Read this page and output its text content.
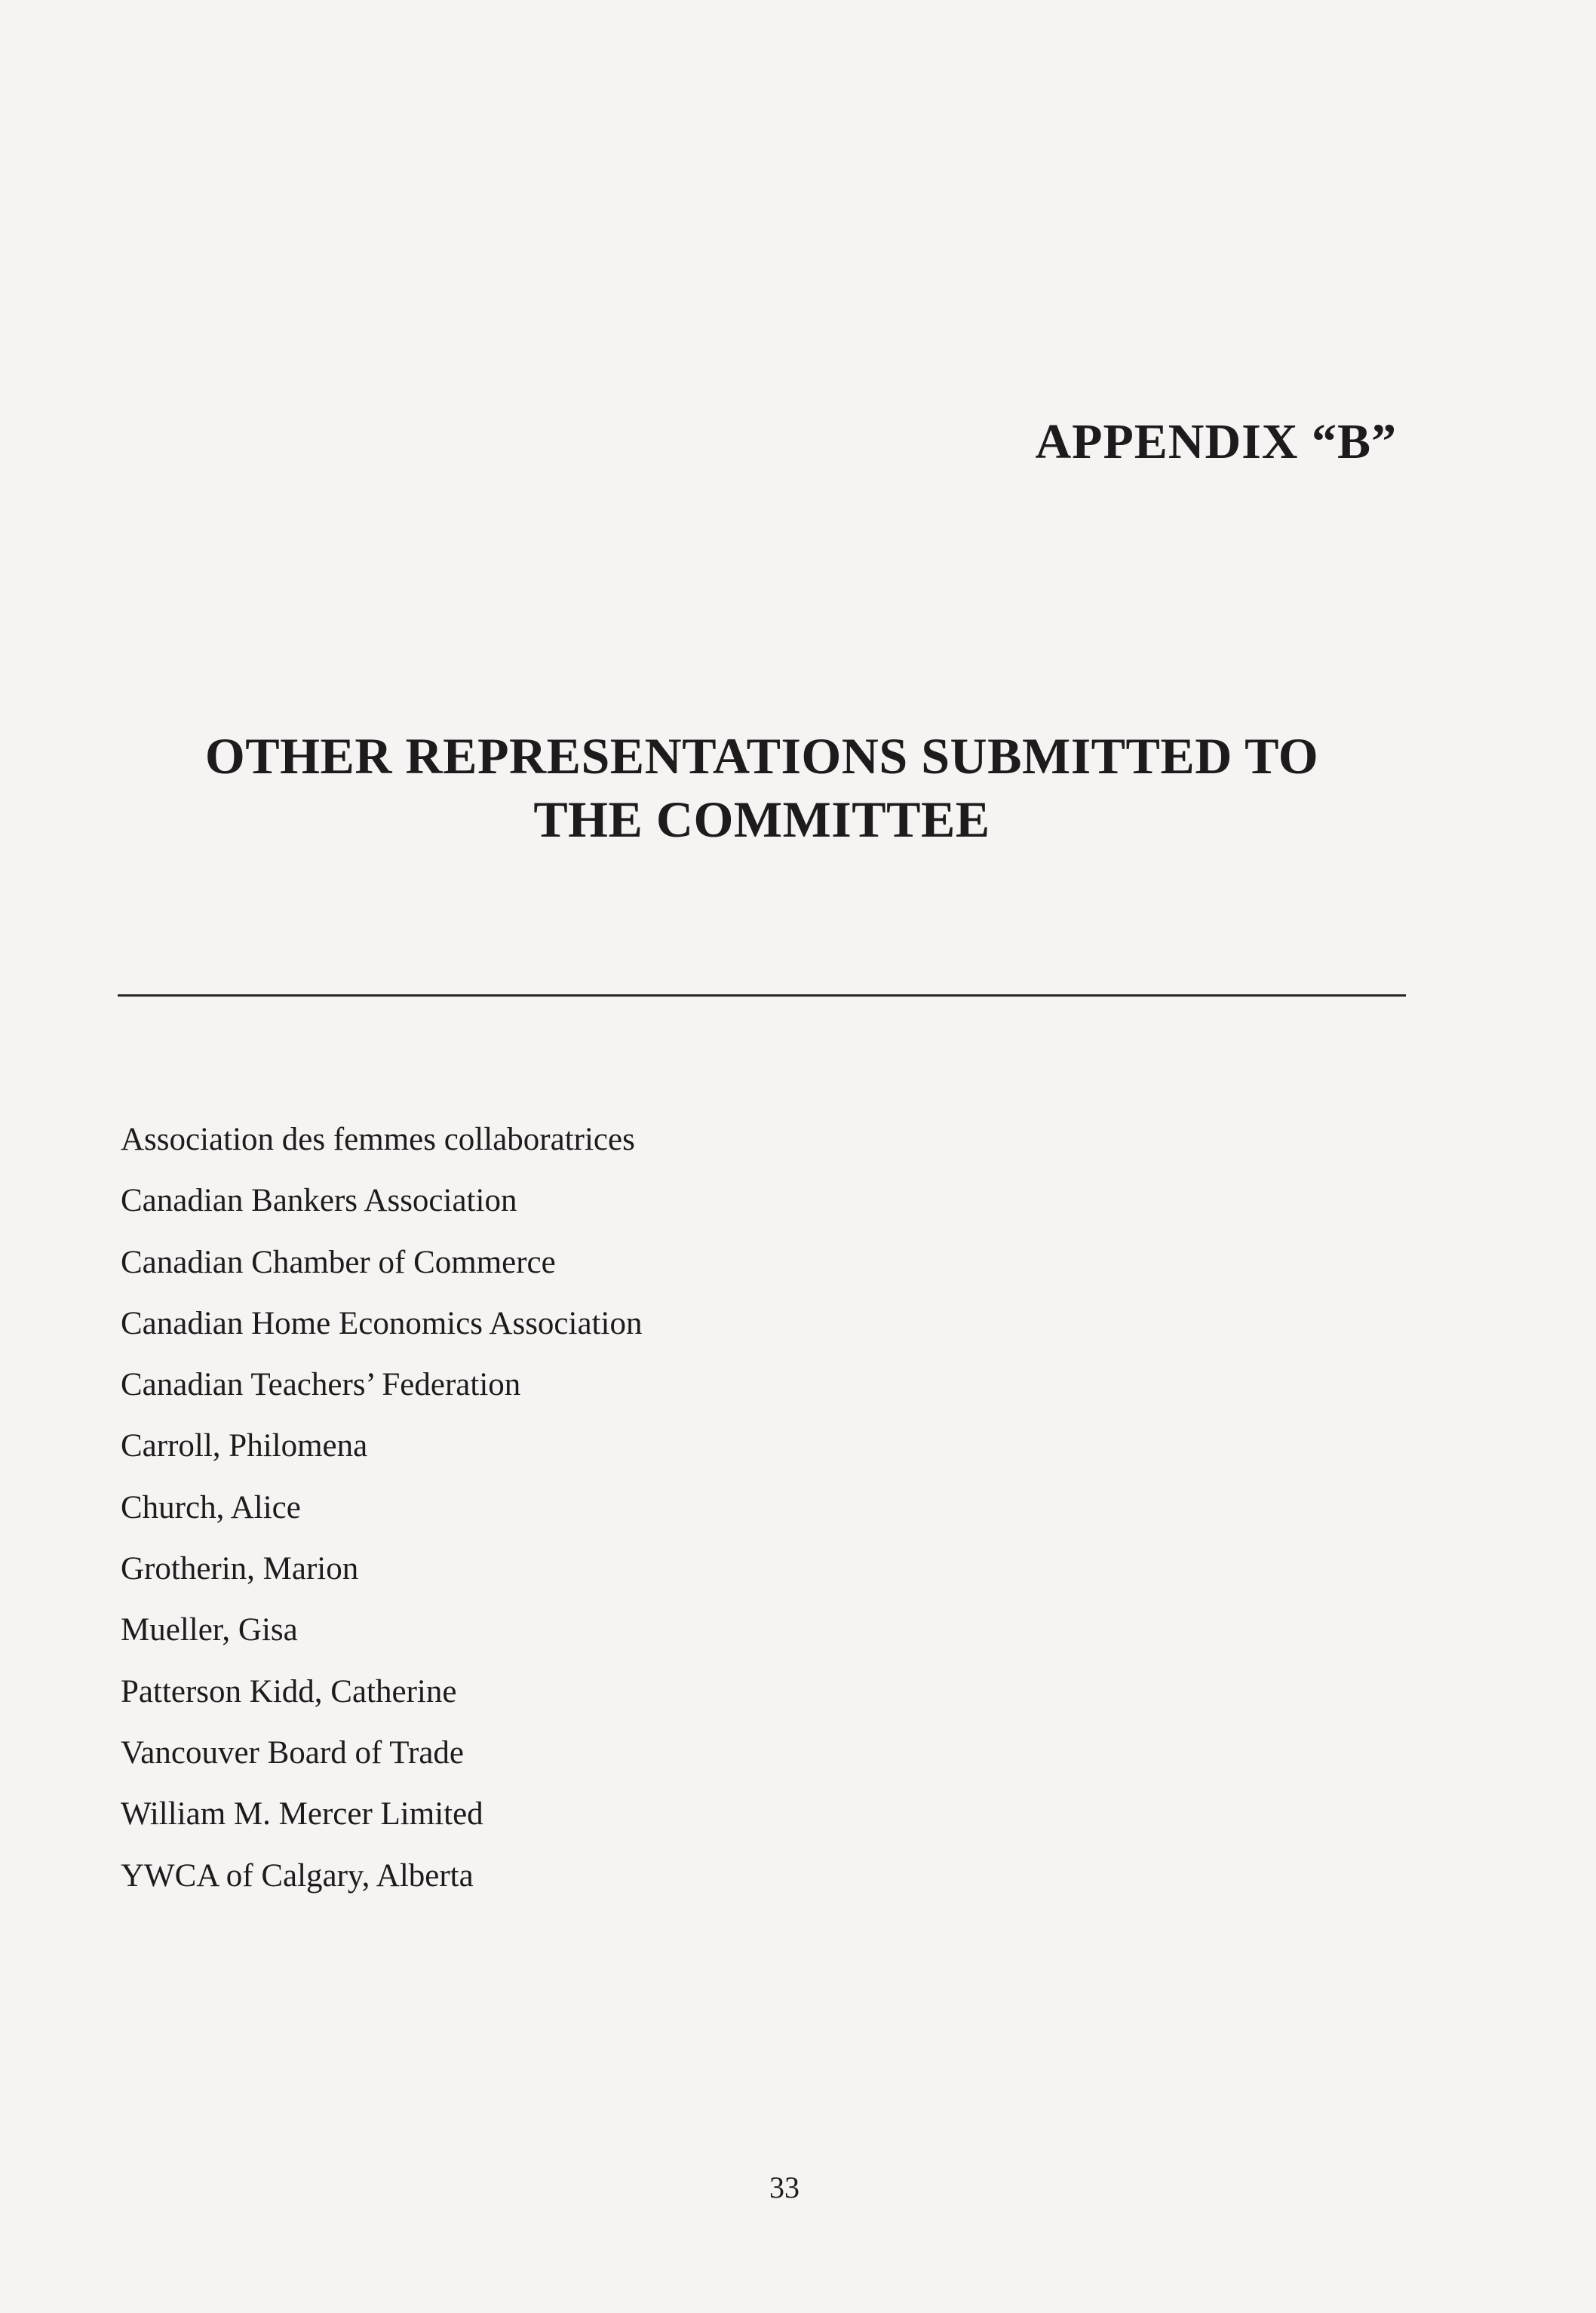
APPENDIX “B”
OTHER REPRESENTATIONS SUBMITTED TO
THE COMMITTEE
Association des femmes collaboratrices
Canadian Bankers Association
Canadian Chamber of Commerce
Canadian Home Economics Association
Canadian Teachers’ Federation
Carroll, Philomena
Church, Alice
Grotherin, Marion
Mueller, Gisa
Patterson Kidd, Catherine
Vancouver Board of Trade
William M. Mercer Limited
YWCA of Calgary, Alberta
33
